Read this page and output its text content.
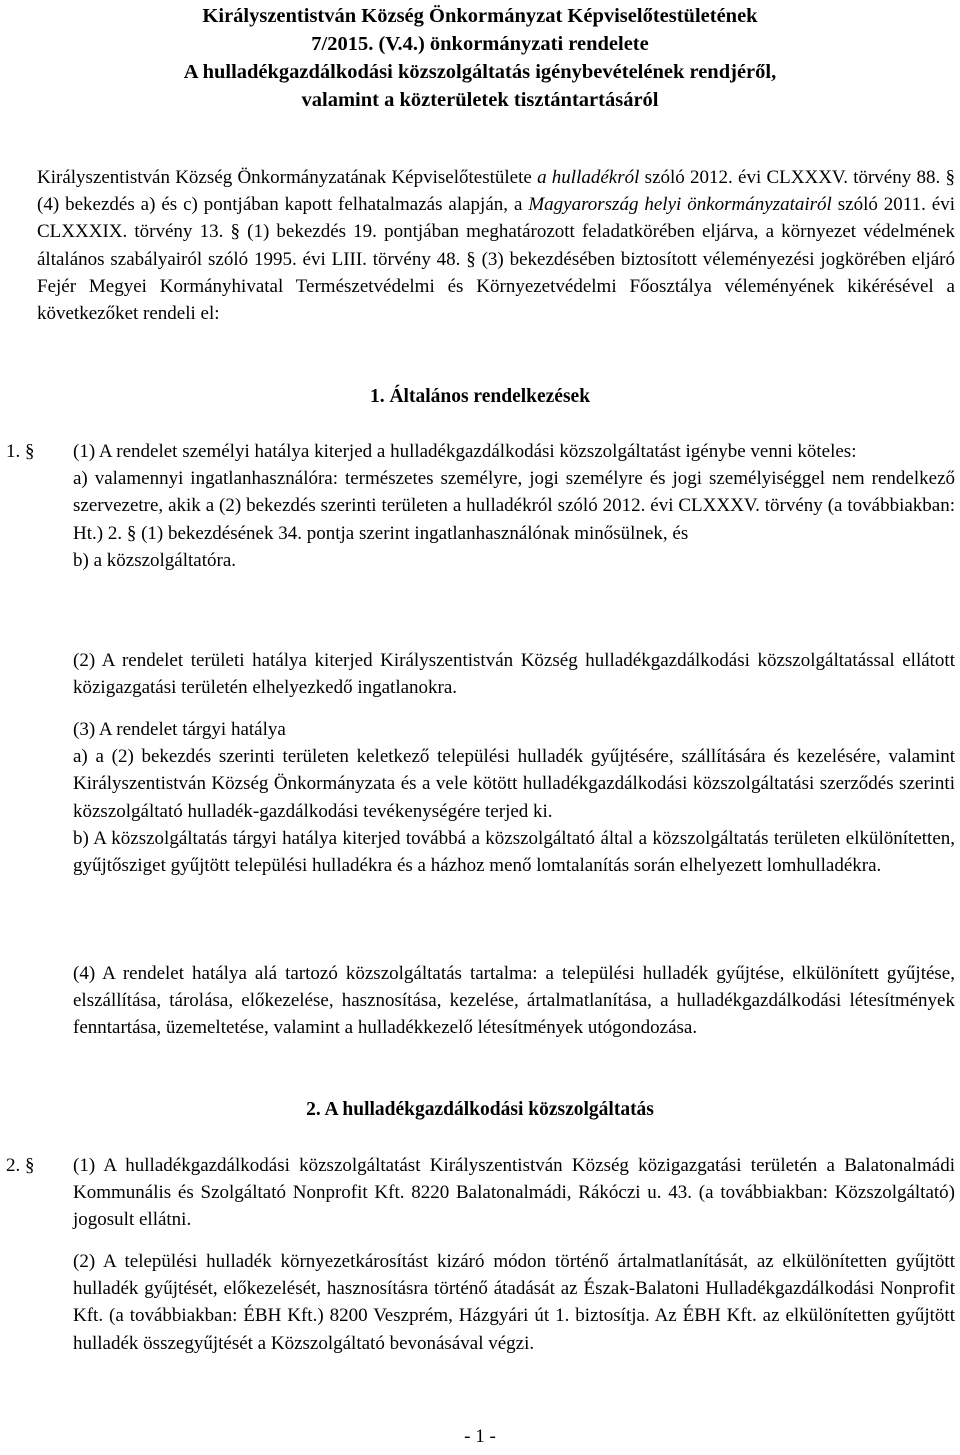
Királyszentistván Község Önkormányzat Képviselőtestületének
7/2015. (V.4.) önkormányzati rendelete
A hulladékgazdálkodási közszolgáltatás igénybevételének rendjéről,
valamint a közterületek tisztántartásáról

Királyszentistván Község Önkormányzatának Képviselőtestülete a hulladékról szóló 2012. évi CLXXXV. törvény 88. § (4) bekezdés a) és c) pontjában kapott felhatalmazás alapján, a Magyarország helyi önkormányzatairól szóló 2011. évi CLXXXIX. törvény 13. § (1) bekezdés 19. pontjában meghatározott feladatkörében eljárva, a környezet védelmének általános szabályairól szóló 1995. évi LIII. törvény 48. § (3) bekezdésében biztosított véleményezési jogkörében eljáró Fejér Megyei Kormányhivatal Természetvédelmi és Környezetvédelmi Főosztálya véleményének kikérésével a következőket rendeli el:

1. Általános rendelkezések
1. § (1) A rendelet személyi hatálya kiterjed a hulladékgazdálkodási közszolgáltatást igénybe venni köteles:

a) valamennyi ingatlanhasználóra: természetes személyre, jogi személyre és jogi személyiséggel nem rendelkező szervezetre, akik a (2) bekezdés szerinti területen a hulladékról szóló 2012. évi CLXXXV. törvény (a továbbiakban: Ht.) 2. § (1) bekezdésének 34. pontja szerint ingatlanhasználónak minősülnek, és

b) a közszolgáltatóra.

(2) A rendelet területi hatálya kiterjed Királyszentistván Község hulladékgazdálkodási közszolgáltatással ellátott közigazgatási területén elhelyezkedő ingatlanokra.

(3) A rendelet tárgyi hatálya

a) a (2) bekezdés szerinti területen keletkező települési hulladék gyűjtésére, szállítására és kezelésére, valamint Királyszentistván Község Önkormányzata és a vele kötött hulladékgazdálkodási közszolgáltatási szerződés szerinti közszolgáltató hulladék-gazdálkodási tevékenységére terjed ki.

b) A közszolgáltatás tárgyi hatálya kiterjed továbbá a közszolgáltató által a közszolgáltatás területen elkülönítetten, gyűjtősziget gyűjtött települési hulladékra és a házhoz menő lomtalanítás során elhelyezett lomhulladékra.

(4) A rendelet hatálya alá tartozó közszolgáltatás tartalma: a települési hulladék gyűjtése, elkülönített gyűjtése, elszállítása, tárolása, előkezelése, hasznosítása, kezelése, ártalmatlanítása, a hulladékgazdálkodási létesítmények fenntartása, üzemeltetése, valamint a hulladékkezelő létesítmények utógondozása.

2. A hulladékgazdálkodási közszolgáltatás
2. § (1) A hulladékgazdálkodási közszolgáltatást Királyszentistván Község közigazgatási területén a Balatonalmádi Kommunális és Szolgáltató Nonprofit Kft. 8220 Balatonalmádi, Rákóczi u. 43. (a továbbiakban: Közszolgáltató) jogosult ellátni.

(2) A települési hulladék környezetkárosítást kizáró módon történő ártalmatlanítását, az elkülönítetten gyűjtött hulladék gyűjtését, előkezelését, hasznosításra történő átadását az Észak-Balatoni Hulladékgazdálkodási Nonprofit Kft. (a továbbiakban: ÉBH Kft.) 8200 Veszprém, Házgyári út 1. biztosítja. Az ÉBH Kft. az elkülönítetten gyűjtött hulladék összegyűjtését a Közszolgáltató bevonásával végzi.

- 1 -
